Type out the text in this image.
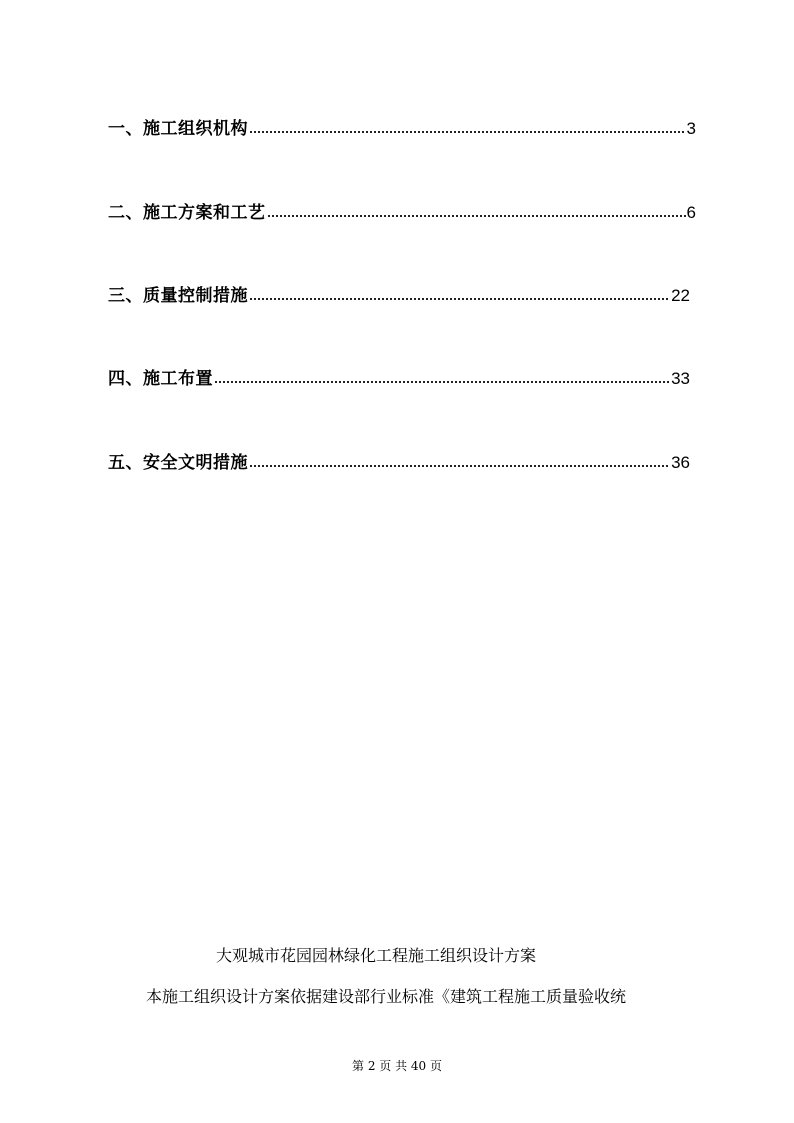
一、施工组织机构	3
二、施工方案和工艺	6
三、质量控制措施	22
四、施工布置	33
五、安全文明措施	36
大观城市花园园林绿化工程施工组织设计方案
本施工组织设计方案依据建设部行业标准《建筑工程施工质量验收统
第 2 页 共 40 页
